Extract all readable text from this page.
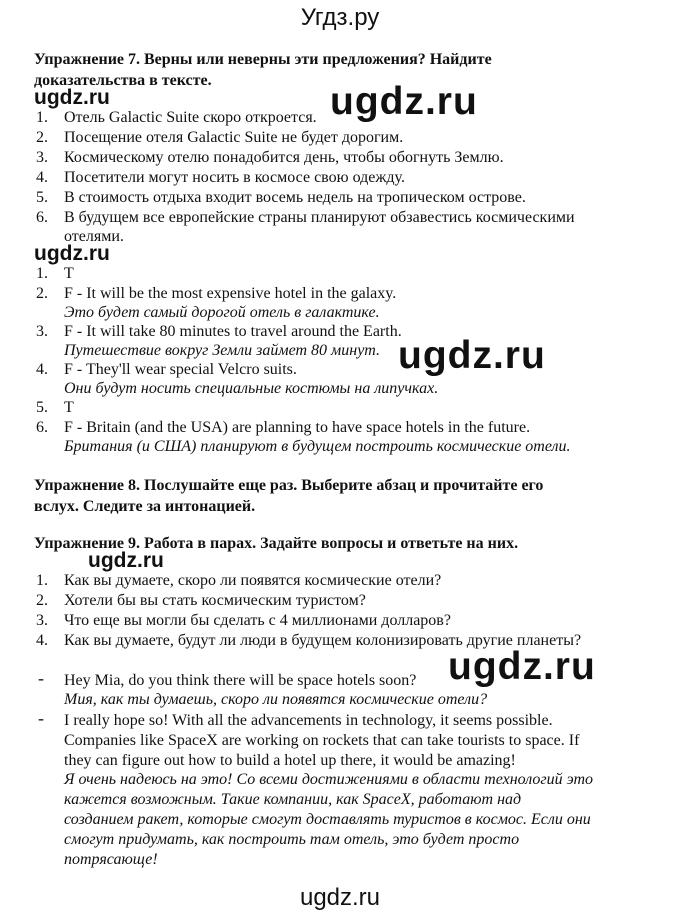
Угдз.ру
ugdz.ru
ugdz.ru
ugdz.ru
ugdz.ru
ugdz.ru
ugdz.ru
ugdz.ru
Упражнение 7. Верны или неверны эти предложения? Найдите
доказательства в тексте.
1. Отель Galactic Suite скоро откроется.
2. Посещение отеля Galactic Suite не будет дорогим.
3. Космическому отелю понадобится день, чтобы обогнуть Землю.
4. Посетители могут носить в космосе свою одежду.
5. В стоимость отдыха входит восемь недель на тропическом острове.
6. В будущем все европейские страны планируют обзавестись космическими
отелями.
1. T
2. F - It will be the most expensive hotel in the galaxy.
Это будет самый дорогой отель в галактике.
3. F - It will take 80 minutes to travel around the Earth.
Путешествие вокруг Земли займет 80 минут.
4. F - They'll wear special Velcro suits.
Они будут носить специальные костюмы на липучках.
5. T
6. F - Britain (and the USA) are planning to have space hotels in the future.
Британия (и США) планируют в будущем построить космические отели.
Упражнение 8. Послушайте еще раз. Выберите абзац и прочитайте его
вслух. Следите за интонацией.
Упражнение 9. Работа в парах. Задайте вопросы и ответьте на них.
1. Как вы думаете, скоро ли появятся космические отели?
2. Хотели бы вы стать космическим туристом?
3. Что еще вы могли бы сделать с 4 миллионами долларов?
4. Как вы думаете, будут ли люди в будущем колонизировать другие планеты?
- Hey Mia, do you think there will be space hotels soon?
Мия, как ты думаешь, скоро ли появятся космические отели?
- I really hope so! With all the advancements in technology, it seems possible.
Companies like SpaceX are working on rockets that can take tourists to space. If
they can figure out how to build a hotel up there, it would be amazing!
Я очень надеюсь на это! Со всеми достижениями в области технологий это
кажется возможным. Такие компании, как SpaceX, работают над
созданием ракет, которые смогут доставлять туристов в космос. Если они
смогут придумать, как построить там отель, это будет просто
потрясающе!
